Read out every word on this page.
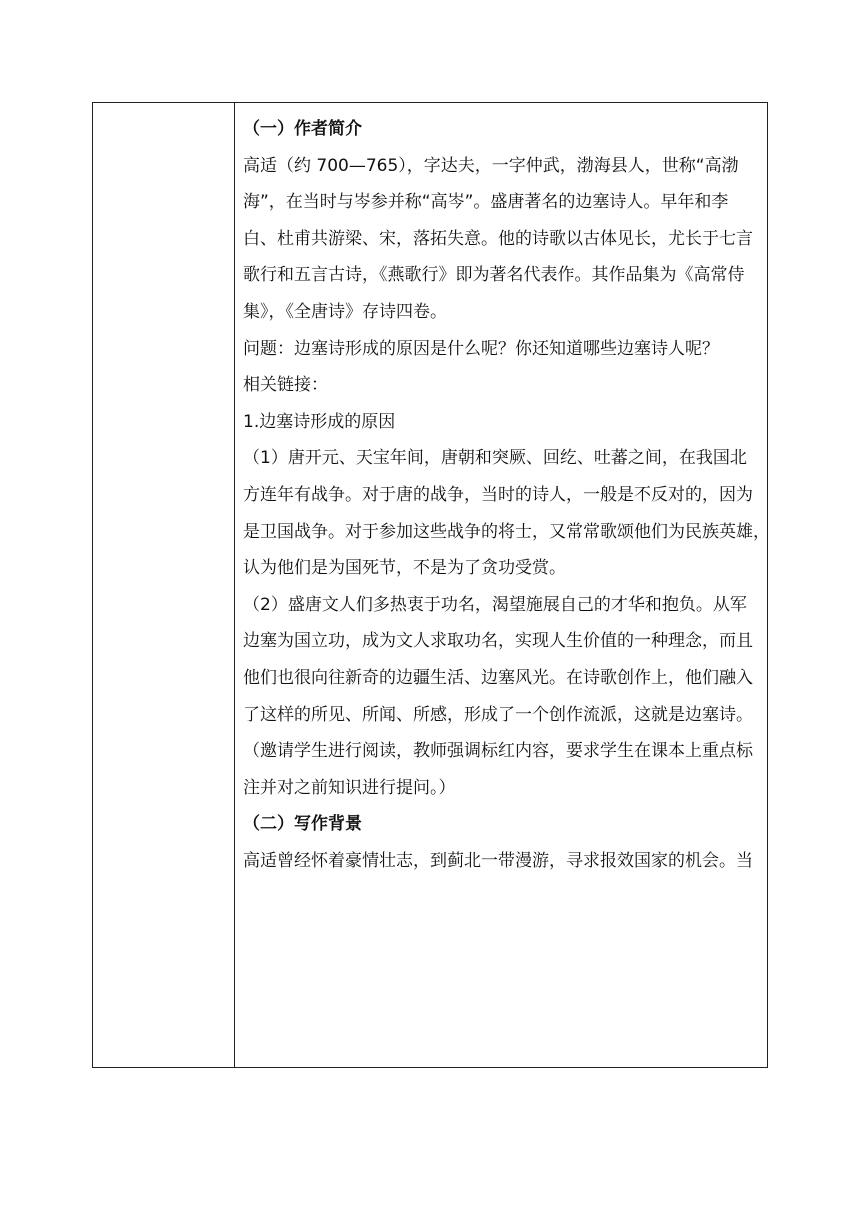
（一）作者简介
高适（约 700—765），字达夫，一字仲武，渤海县人，世称“高渤
海”，在当时与岑参并称“高岑”。盛唐著名的边塞诗人。早年和李
白、杜甫共游梁、宋，落拓失意。他的诗歌以古体见长，尤长于七言
歌行和五言古诗，《燕歌行》即为著名代表作。其作品集为《高常侍
集》，《全唐诗》存诗四卷。
问题：边塞诗形成的原因是什么呢？你还知道哪些边塞诗人呢？
相关链接：
1.边塞诗形成的原因
（1）唐开元、天宝年间，唐朝和突厥、回纥、吐蕃之间，在我国北
方连年有战争。对于唐的战争，当时的诗人，一般是不反对的，因为
是卫国战争。对于参加这些战争的将士，又常常歌颂他们为民族英雄，
认为他们是为国死节，不是为了贪功受赏。
（2）盛唐文人们多热衷于功名，渴望施展自己的才华和抱负。从军
边塞为国立功，成为文人求取功名，实现人生价值的一种理念，而且
他们也很向往新奇的边疆生活、边塞风光。在诗歌创作上，他们融入
了这样的所见、所闻、所感，形成了一个创作流派，这就是边塞诗。
（邀请学生进行阅读，教师强调标红内容，要求学生在课本上重点标
注并对之前知识进行提问。）
（二）写作背景
高适曾经怀着豪情壮志，到蓟北一带漫游，寻求报效国家的机会。当
